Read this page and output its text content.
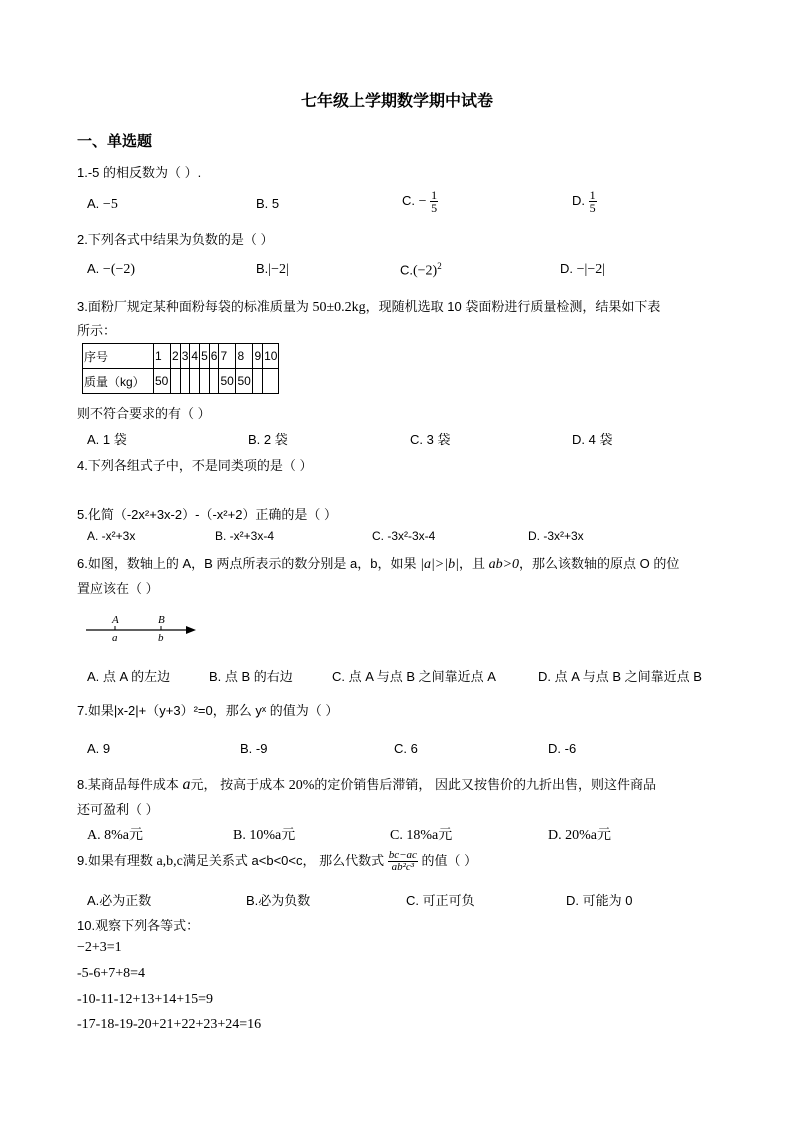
七年级上学期数学期中试卷
一、单选题
1.-5 的相反数为（ ）.
A. −5	B. 5	C. − $\frac{1}{5}$	D. $\frac{1}{5}$
2.下列各式中结果为负数的是（ ）
A. −(−2)	B.|−2|	$C.(-2)^2$	D. −|−2|
3.面粉厂规定某种面粉每袋的标准质量为 50±0.2kg，现随机选取 10 袋面粉进行质量检测，结果如下表
所示：
序号	1	2	3	4	5	6	7	8	9	10
质量（kg）	50						50	50		
则不符合要求的有（ ）
A. 1 袋	B. 2 袋	C. 3 袋	D. 4 袋
4.下列各组式子中，不是同类项的是（ ）
5.化简（-2x²+3x-2）-（-x²+2）正确的是（ ）
A. -x²+3x	B. -x²+3x-4	C. -3x²-3x-4	D. -3x²+3x
6.如图，数轴上的 A，B 两点所表示的数分别是 a，b，如果 |a|>|b|，且 ab>0，那么该数轴的原点 O 的位
置应该在（ ）
A	B
a	b
A. 点 A 的左边	B. 点 B 的右边	C. 点 A 与点 B 之间靠近点 A	D. 点 A 与点 B 之间靠近点 B
7.如果|x-2|+（y+3）²=0，那么 yˣ 的值为（ ）
A. 9	B. -9	C. 6	D. -6
8.某商品每件成本 a元， 按高于成本 20%的定价销售后滞销， 因此又按售价的九折出售，则这件商品
还可盈利（ ）
A. 8%a元	B. 10%a元	C. 18%a元	D. 20%a元
9.如果有理数 a,b,c满足关系式 a<b<0<c， 那么代数式 $\frac{bc-ac}{\text{ab²c³}}$ 的值（ ）
A.必为正数	B.必为负数	C. 可正可负	D. 可能为 0
10.观察下列各等式：
−2+3=1
-5-6+7+8=4
-10-11-12+13+14+15=9
-17-18-19-20+21+22+23+24=16
